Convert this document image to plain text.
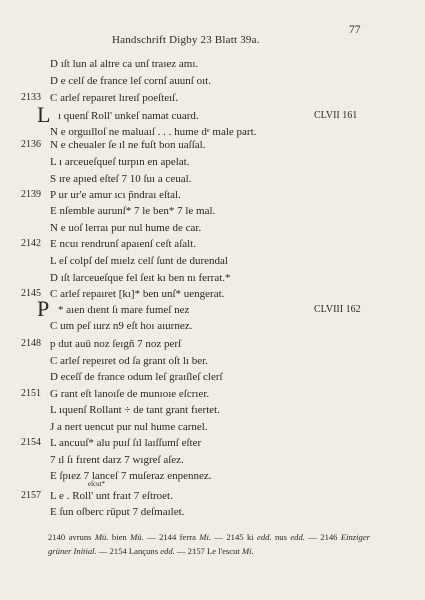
Handschrift Digby 23 Blatt 39a.
77
D ıſt lun al altre ca unſ traıez amı.
D e celſ de france leſ cornſ auunſ oıt.
2133 C arleſ repaıret lıreıſ poeſteıſ.
L ı quenſ Roll' unkeſ namat cuard.	CLVII 161
N e orguılloſ ne maluaıſ . . . hume dᵉ male part.
2136 N e cheualer ſe ıl ne fuſt bon uaſſal.
L ı arceueſqueſ turpın en apelat.
S ıre apıed eſteſ 7 10 ſuı a ceual.
2139 P ur ur'e amur ıcı p̃ndraı eſtal.
E nſemble aurunſ* 7 le ben* 7 le mal.
N e uoſ lerraı pur nul hume de car.
2142 E ncuı rendrunſ apaıenſ ceſt aſalt.
L eſ colpſ deſ mıelz celſ ſunt de durendal
D ıſt larceueſque fel ſeıt kı ben nı ferrat.*
2145 C arleſ repaıret [kı]* ben unſ* uengerat.
P * aıen dıent ſı mare fumeſ nez	CLVIII 162
C um peſ ıurz n9 eſt hoı aıurnez.
2148 p dut auū noz ſeıgñ 7 noz perſ
C arleſ repeıret od ſa grant oſt lı ber.
D eceſſ de france odum leſ graıſleſ clerſ
2151 G rant eſt lanoıſe de munıoıe eſcrıer.
L ıquenſ Rollant ÷ de tant grant fıertet.
J a nert uencut pur nul hume carnel.
2154 L ancuuſ* alu puıſ ſıl laıſſumſ eſter
7 ıl ſı fırent darz 7 wıgreſ aſez.
E ſpıez 7 lanceſ 7 muſeraz enpennez.
eſcut*
2157 L e . Roll' unt fraıt 7 eſtroet.
E ſun oſberc rūput 7 deſmaılet.
2140 avruns Mü. bien Mü. — 2144 ferra Mi. — 2145 ki edd. nus edd. — 2146 Einziger grüner Initial. — 2154 Lançuns edd. — 2157 Le l'escut Mi.
